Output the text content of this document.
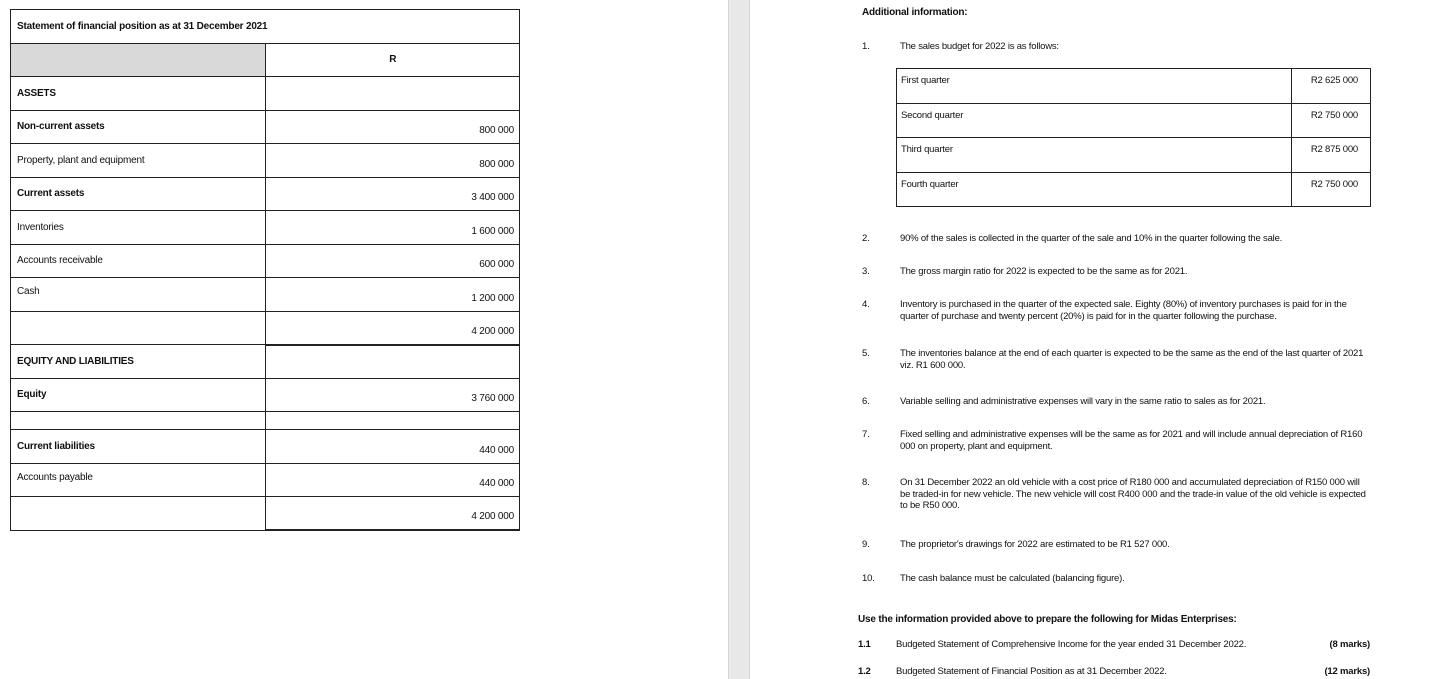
Statement of financial position as at 31 December 2021	
	R
ASSETS	
Non-current assets	800 000
Property, plant and equipment	800 000
Current assets	3 400 000
Inventories	1 600 000
Accounts receivable	600 000
Cash	1 200 000
	4 200 000
EQUITY AND LIABILITIES	
Equity	3 760 000

Current liabilities	440 000
Accounts payable	440 000
	4 200 000
Additional information:
1.	The sales budget for 2022 is as follows:
First quarter	R2 625 000
Second quarter	R2 750 000
Third quarter	R2 875 000
Fourth quarter	R2 750 000
2.	90% of the sales is collected in the quarter of the sale and 10% in the quarter following the sale.
3.	The gross margin ratio for 2022 is expected to be the same as for 2021.
4.	Inventory is purchased in the quarter of the expected sale. Eighty (80%) of inventory purchases is paid for in the quarter of purchase and twenty percent (20%) is paid for in the quarter following the purchase.
5.	The inventories balance at the end of each quarter is expected to be the same as the end of the last quarter of 2021 viz. R1 600 000.
6.	Variable selling and administrative expenses will vary in the same ratio to sales as for 2021.
7.	Fixed selling and administrative expenses will be the same as for 2021 and will include annual depreciation of R160 000 on property, plant and equipment.
8.	On 31 December 2022 an old vehicle with a cost price of R180 000 and accumulated depreciation of R150 000 will be traded-in for new vehicle. The new vehicle will cost R400 000 and the trade-in value of the old vehicle is expected to be R50 000.
9.	The proprietor's drawings for 2022 are estimated to be R1 527 000.
10.	The cash balance must be calculated (balancing figure).
Use the information provided above to prepare the following for Midas Enterprises:
1.1	Budgeted Statement of Comprehensive Income for the year ended 31 December 2022.	(8 marks)
1.2	Budgeted Statement of Financial Position as at 31 December 2022.	(12 marks)
